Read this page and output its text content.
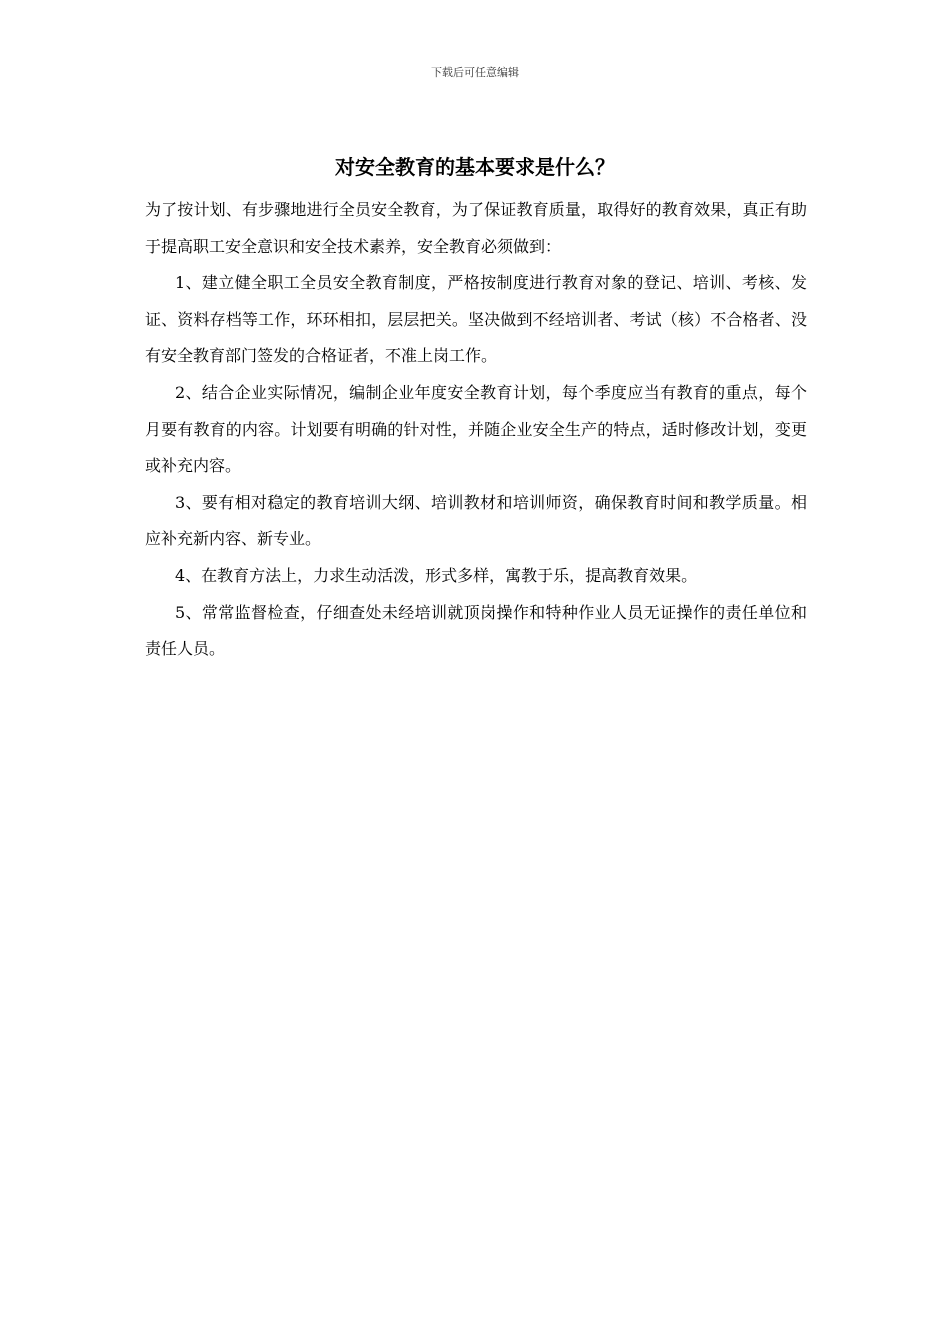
下载后可任意编辑
对安全教育的基本要求是什么？

为了按计划、有步骤地进行全员安全教育，为了保证教育质量，取得好的教育效果，真正有助于提高职工安全意识和安全技术素养，安全教育必须做到：

1、建立健全职工全员安全教育制度，严格按制度进行教育对象的登记、培训、考核、发证、资料存档等工作，环环相扣，层层把关。坚决做到不经培训者、考试（核）不合格者、没有安全教育部门签发的合格证者，不准上岗工作。

2、结合企业实际情况，编制企业年度安全教育计划，每个季度应当有教育的重点，每个月要有教育的内容。计划要有明确的针对性，并随企业安全生产的特点，适时修改计划，变更或补充内容。

3、要有相对稳定的教育培训大纲、培训教材和培训师资，确保教育时间和教学质量。相应补充新内容、新专业。

4、在教育方法上，力求生动活泼，形式多样，寓教于乐，提高教育效果。

5、常常监督检查，仔细查处未经培训就顶岗操作和特种作业人员无证操作的责任单位和责任人员。
